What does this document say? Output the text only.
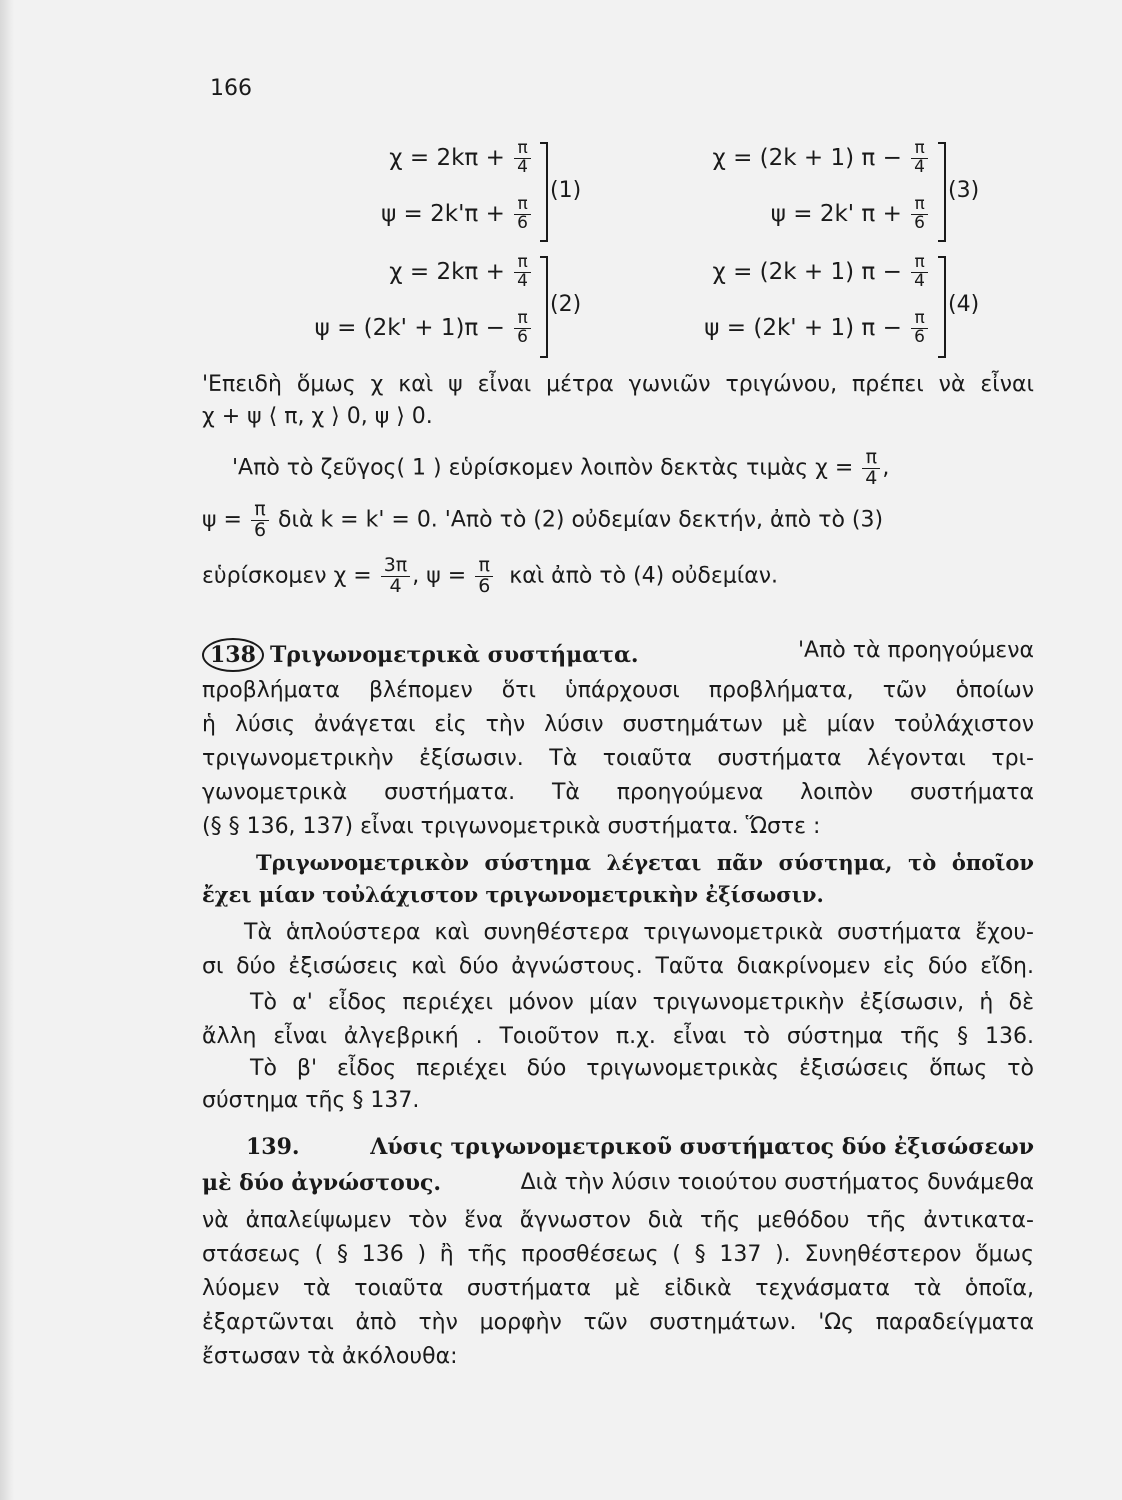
166
$\chi = 2k\pi + \frac{\pi}{4}$
$\psi = 2k'\pi + \frac{\pi}{6}$
(1)
$\chi = 2k\pi + \frac{\pi}{4}$
$\psi = (2k' + 1)\pi - \frac{\pi}{6}$
(2)
χ = (2k + 1) $\pi - \frac{\pi}{4}$
ψ = 2k' $\pi + \frac{\pi}{6}$
(3)
χ = (2k + 1) $\pi - \frac{\pi}{4}$
ψ = (2k' + 1) $\pi - \frac{\pi}{6}$
(4)
'Επειδὴ ὅμως χ καὶ ψ εἶναι μέτρα γωνιῶν τριγώνου, πρέπει νὰ εἶναι
χ + ψ ⟨ π, χ ⟩ 0, ψ ⟩ 0.
'Απὸ τὸ ζεῦγος( 1 ) εὑρίσκομεν λοιπὸν δεκτὰς τιμὰς $\chi = \frac{\pi}{4}$ ,
$\psi = \frac{\pi}{6}$ διὰ k = k' = 0. 'Απὸ τὸ (2) οὐδεμίαν δεκτήν, ἀπὸ τὸ (3)
εὑρίσκομεν $\chi = \frac{3\pi}{4}$ , $\psi = \frac{\pi}{6}$ καὶ ἀπὸ τὸ (4) οὐδεμίαν.
138 Τριγωνομετρικὰ συστήματα.	'Απὸ τὰ προηγούμενα
προβλήματα βλέπομεν ὅτι ὑπάρχουσι προβλήματα, τῶν ὁποίων
ἡ λύσις ἀνάγεται εἰς τὴν λύσιν συστημάτων μὲ μίαν τοὐλάχιστον
τριγωνομετρικὴν ἐξίσωσιν. Τὰ τοιαῦτα συστήματα λέγονται τρι-
γωνομετρικὰ συστήματα. Τὰ προηγούμενα λοιπὸν συστήματα
(§ § 136, 137) εἶναι τριγωνομετρικὰ συστήματα. Ὥστε :
Τριγωνομετρικὸν σύστημα λέγεται πᾶν σύστημα, τὸ ὁποῖον
ἔχει μίαν τοὐλάχιστον τριγωνομετρικὴν ἐξίσωσιν.
Τὰ ἁπλούστερα καὶ συνηθέστερα τριγωνομετρικὰ συστήματα ἔχου-
σι δύο ἐξισώσεις καὶ δύο ἀγνώστους. Ταῦτα διακρίνομεν εἰς δύο εἴδη.
Τὸ α' εἶδος περιέχει μόνον μίαν τριγωνομετρικὴν ἐξίσωσιν, ἡ δὲ
ἄλλη εἶναι ἀλγεβρική . Τοιοῦτον π.χ. εἶναι τὸ σύστημα τῆς § 136.
Τὸ β' εἶδος περιέχει δύο τριγωνομετρικὰς ἐξισώσεις ὅπως τὸ
σύστημα τῆς § 137.
139.	Λύσις τριγωνομετρικοῦ συστήματος δύο ἐξισώσεων
μὲ δύο ἀγνώστους.	Διὰ τὴν λύσιν τοιούτου συστήματος δυνάμεθα
νὰ ἀπαλείψωμεν τὸν ἕνα ἄγνωστον διὰ τῆς μεθόδου τῆς ἀντικατα-
στάσεως ( § 136 ) ἢ τῆς προσθέσεως ( § 137 ). Συνηθέστερον ὅμως
λύομεν τὰ τοιαῦτα συστήματα μὲ εἰδικὰ τεχνάσματα τὰ ὁποῖα,
ἐξαρτῶνται ἀπὸ τὴν μορφὴν τῶν συστημάτων. 'Ως παραδείγματα
ἔστωσαν τὰ ἀκόλουθα:
